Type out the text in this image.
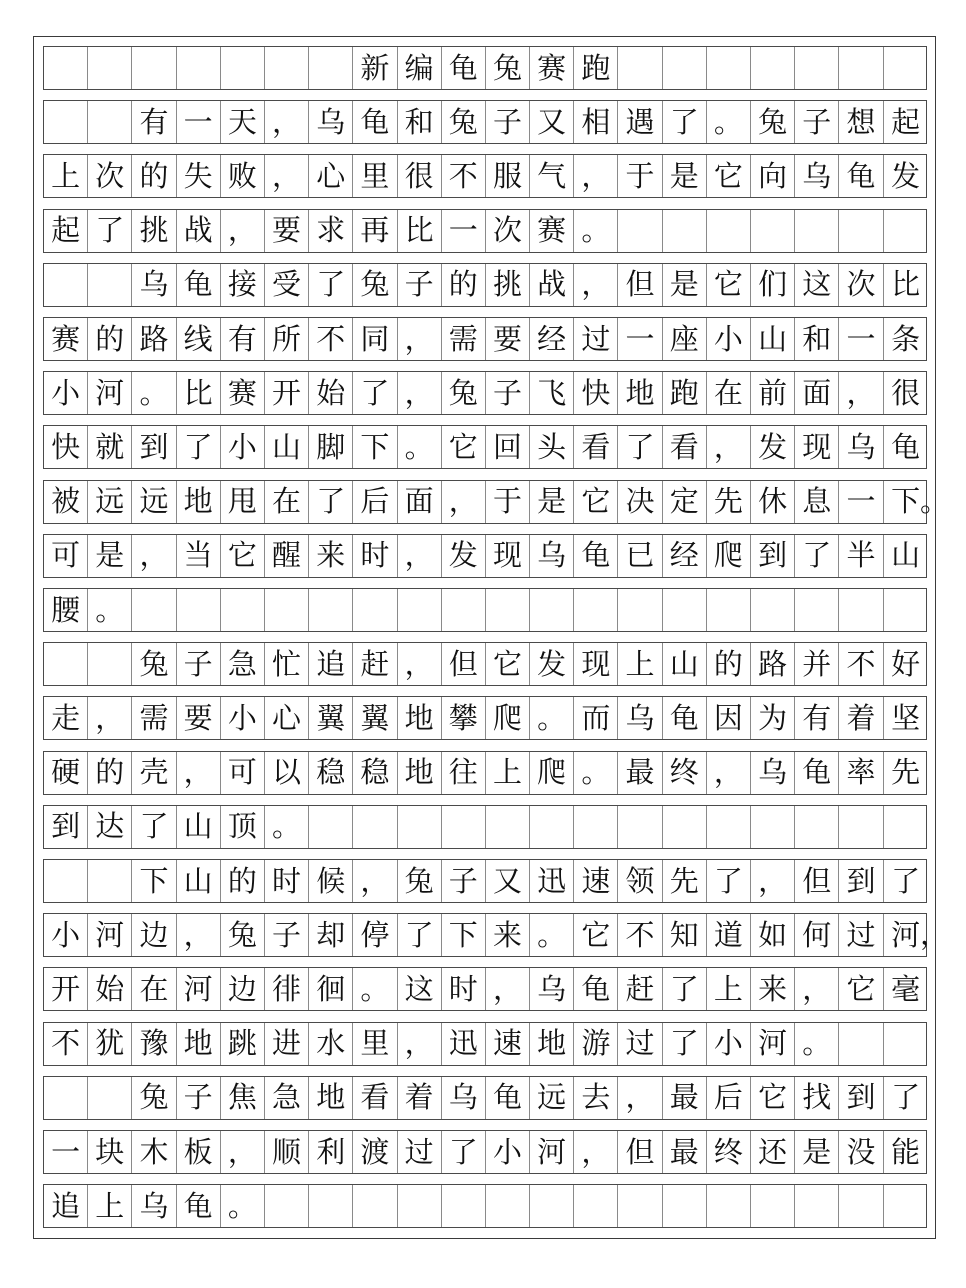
新 编 龟 兔 赛 跑
有 一 天 ， 乌 龟 和 兔 子 又 相 遇 了 。 兔 子 想 起
上 次 的 失 败 ， 心 里 很 不 服 气 ， 于 是 它 向 乌 龟 发
起 了 挑 战 ， 要 求 再 比 一 次 赛 。
乌 龟 接 受 了 兔 子 的 挑 战 ， 但 是 它 们 这 次 比
赛 的 路 线 有 所 不 同 ， 需 要 经 过 一 座 小 山 和 一 条
小 河 。 比 赛 开 始 了 ， 兔 子 飞 快 地 跑 在 前 面 ， 很
快 就 到 了 小 山 脚 下 。 它 回 头 看 了 看 ， 发 现 乌 龟
被 远 远 地 甩 在 了 后 面 ， 于 是 它 决 定 先 休 息 一 下
可 是 ， 当 它 醒 来 时 ， 发 现 乌 龟 已 经 爬 到 了 半 山
腰 。
兔 子 急 忙 追 赶 ， 但 它 发 现 上 山 的 路 并 不 好
走 ， 需 要 小 心 翼 翼 地 攀 爬 。 而 乌 龟 因 为 有 着 坚
硬 的 壳 ， 可 以 稳 稳 地 往 上 爬 。 最 终 ， 乌 龟 率 先
到 达 了 山 顶 。
下 山 的 时 候 ， 兔 子 又 迅 速 领 先 了 ， 但 到 了
小 河 边 ， 兔 子 却 停 了 下 来 。 它 不 知 道 如 何 过 河
开 始 在 河 边 徘 徊 。 这 时 ， 乌 龟 赶 了 上 来 ， 它 毫
不 犹 豫 地 跳 进 水 里 ， 迅 速 地 游 过 了 小 河 。
兔 子 焦 急 地 看 着 乌 龟 远 去 ， 最 后 它 找 到 了
一 块 木 板 ， 顺 利 渡 过 了 小 河 ， 但 最 终 还 是 没 能
追 上 乌 龟 。
。
，
